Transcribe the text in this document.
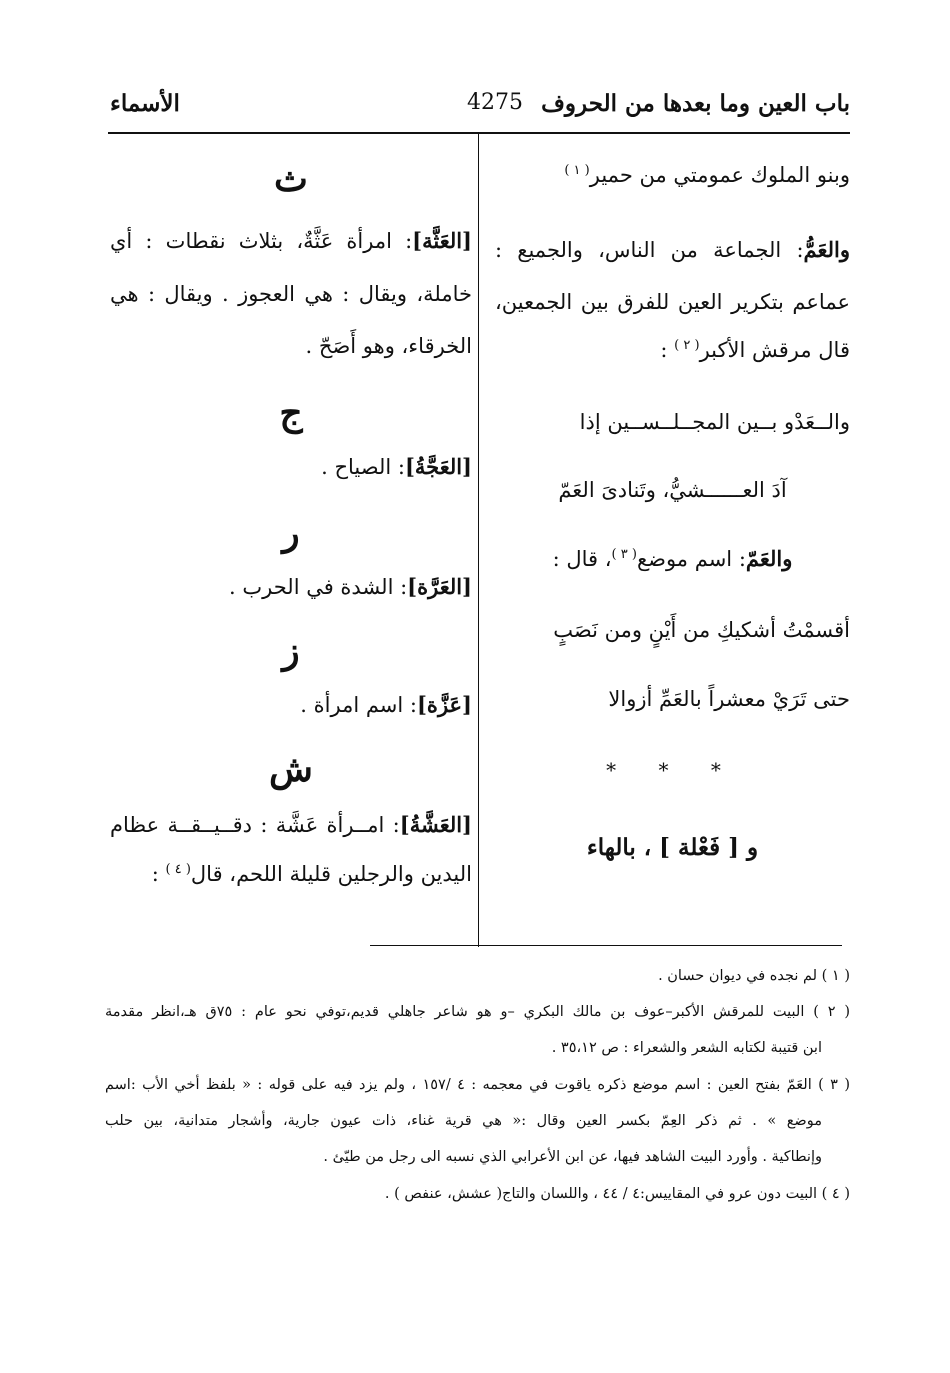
باب العين وما بعدها من الحروف
4275
الأسماء
وبنو الملوك عمومتي من حمير$^{( ١ )}$
والعَمُّ: الجماعة من الناس، والجميع :
عماعم بتكرير العين للفرق بين الجمعين،
قال مرقش الأكبر$^{( ٢ )}$ :
والــعَدْو بــين المجــلــســين إذا
آدَ العــــــشيُّ، وتَنادىَ العَمّ
والعَمّ: اسم موضع$^{( ٣ )}$، قال :
أقسمْتُ أشكيكِ من أَيْنٍ ومن نَصَبٍ
حتى تَرَيْ معشراً بالعَمِّ أزوالا
* * *
و [ فَعْلة ] ، بالهاء
ث
[العَثَّة]: امرأة عَثَّةٌ، بثلاث نقطات : أي
خاملة، ويقال : هي العجوز . ويقال : هي
الخرقاء، وهو أَصَحّ .
ج
[العَجَّةُ]: الصياح .
ر
[العَرَّة]: الشدة في الحرب .
ز
[عَزَّة]: اسم امرأة .
ش
[العَشَّةُ]: امــرأة عَشَّة : دقــيــقــة عظام
اليدين والرجلين قليلة اللحم، قال$^{( ٤ )}$ :
( ١ ) لم نجده في ديوان حسان .
( ٢ ) البيت للمرقش الأكبر–عوف بن مالك البكري –و هو شاعر جاهلي قديم،توفي نحو عام : ٧٥ق هـ،انظر مقدمة
ابن قتيبة لكتابه الشعر والشعراء : ص ٣٥،١٢ .
( ٣ ) العَمّ بفتح العين : اسم موضع ذكره ياقوت في معجمه : ٤ /١٥٧ ، ولم يزد فيه على قوله : « بلفظ أخي الأب :اسم
موضع » . ثم ذكر العِمّ بكسر العين وقال :« هي قرية غناء، ذات عيون جارية، وأشجار متدانية، بين حلب
وإنطاكية . وأورد البيت الشاهد فيها، عن ابن الأعرابي الذي نسبه الى رجل من طيّئ .
( ٤ ) البيت دون عرو في المقاييس:٤ / ٤٤ ، واللسان والتاج( عشش، عنفص ) .
